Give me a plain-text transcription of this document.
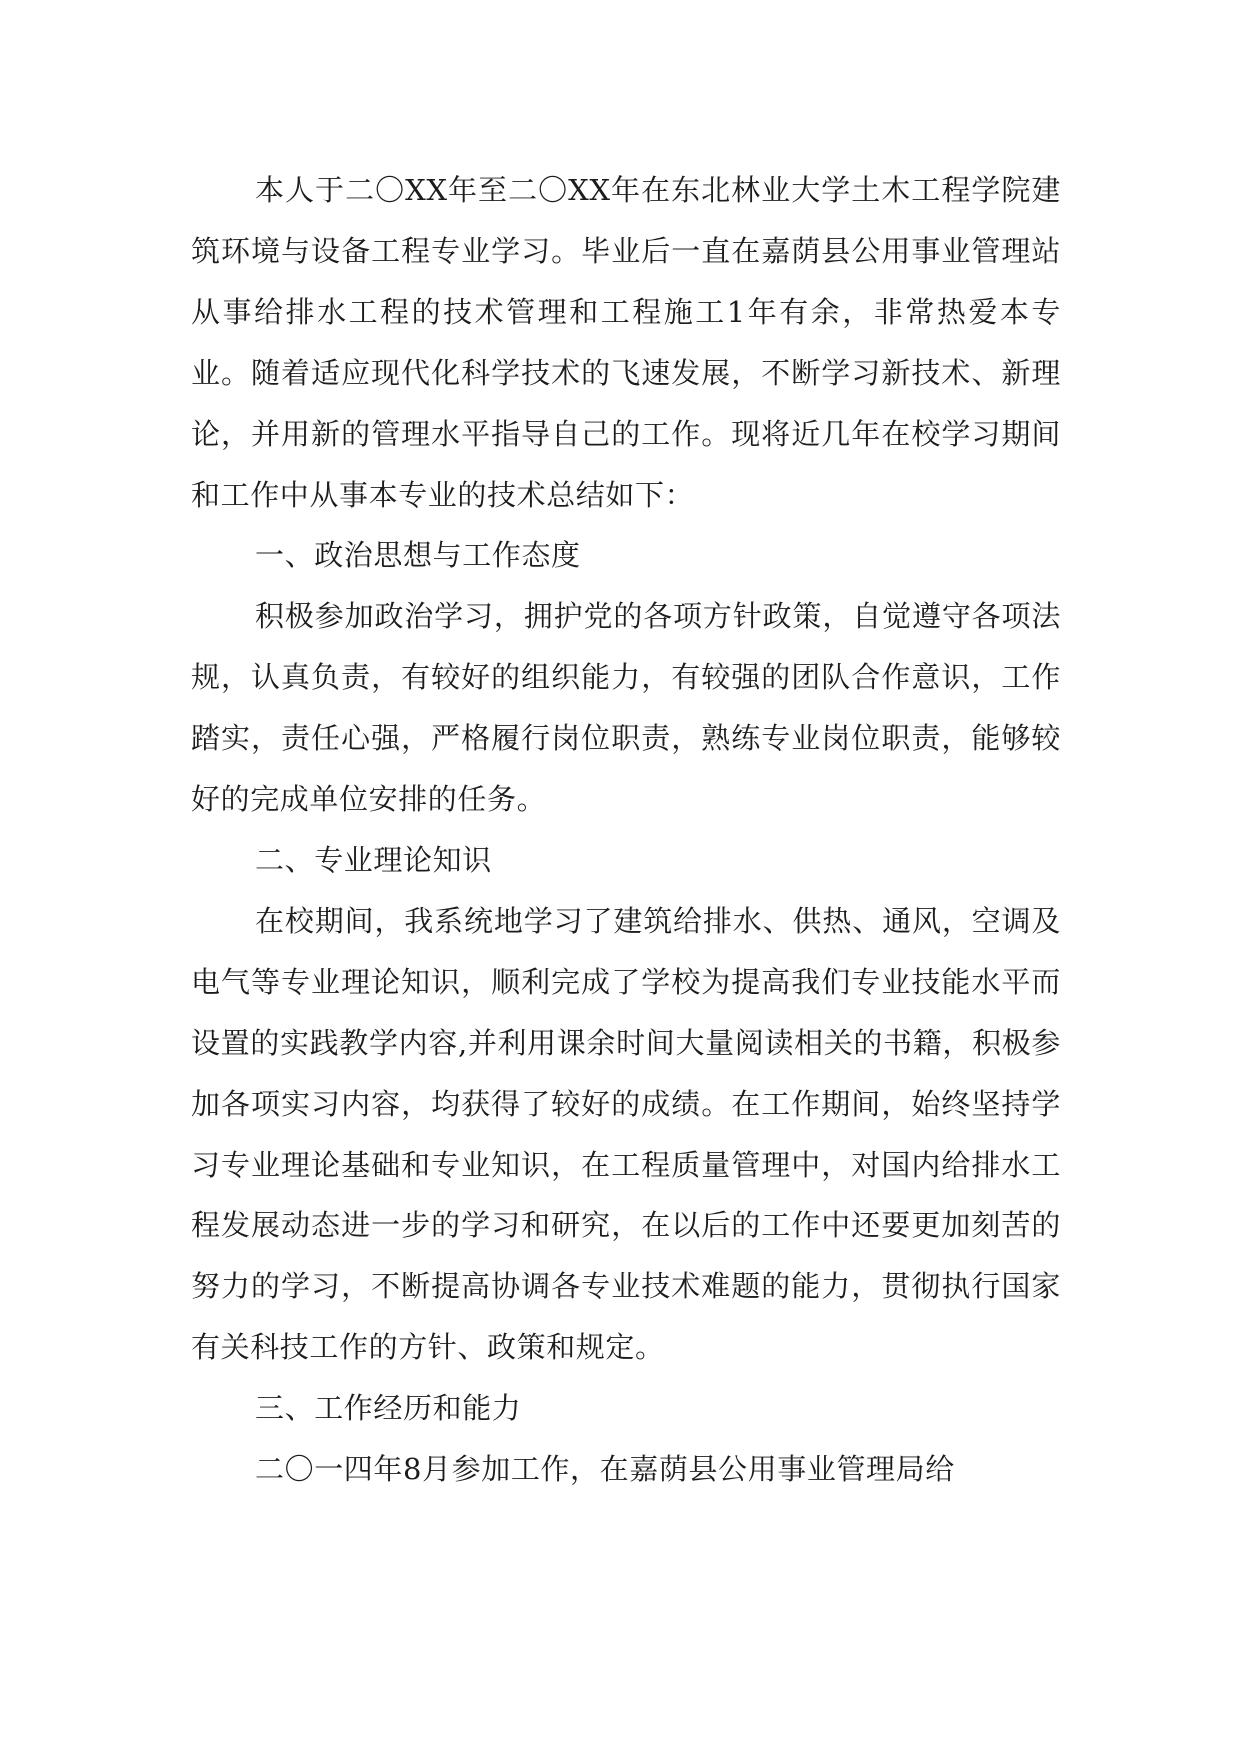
本人于二〇XX年至二〇XX年在东北林业大学土木工程学院建筑环境与设备工程专业学习。毕业后一直在嘉荫县公用事业管理站从事给排水工程的技术管理和工程施工1年有余，非常热爱本专业。随着适应现代化科学技术的飞速发展，不断学习新技术、新理论，并用新的管理水平指导自己的工作。现将近几年在校学习期间和工作中从事本专业的技术总结如下：

一、政治思想与工作态度

积极参加政治学习，拥护党的各项方针政策，自觉遵守各项法规，认真负责，有较好的组织能力，有较强的团队合作意识，工作踏实，责任心强，严格履行岗位职责，熟练专业岗位职责，能够较好的完成单位安排的任务。

二、专业理论知识

在校期间，我系统地学习了建筑给排水、供热、通风，空调及电气等专业理论知识，顺利完成了学校为提高我们专业技能水平而设置的实践教学内容,并利用课余时间大量阅读相关的书籍，积极参加各项实习内容，均获得了较好的成绩。在工作期间，始终坚持学习专业理论基础和专业知识，在工程质量管理中，对国内给排水工程发展动态进一步的学习和研究，在以后的工作中还要更加刻苦的努力的学习，不断提高协调各专业技术难题的能力，贯彻执行国家有关科技工作的方针、政策和规定。

三、工作经历和能力

二〇一四年8月参加工作，在嘉荫县公用事业管理局给
